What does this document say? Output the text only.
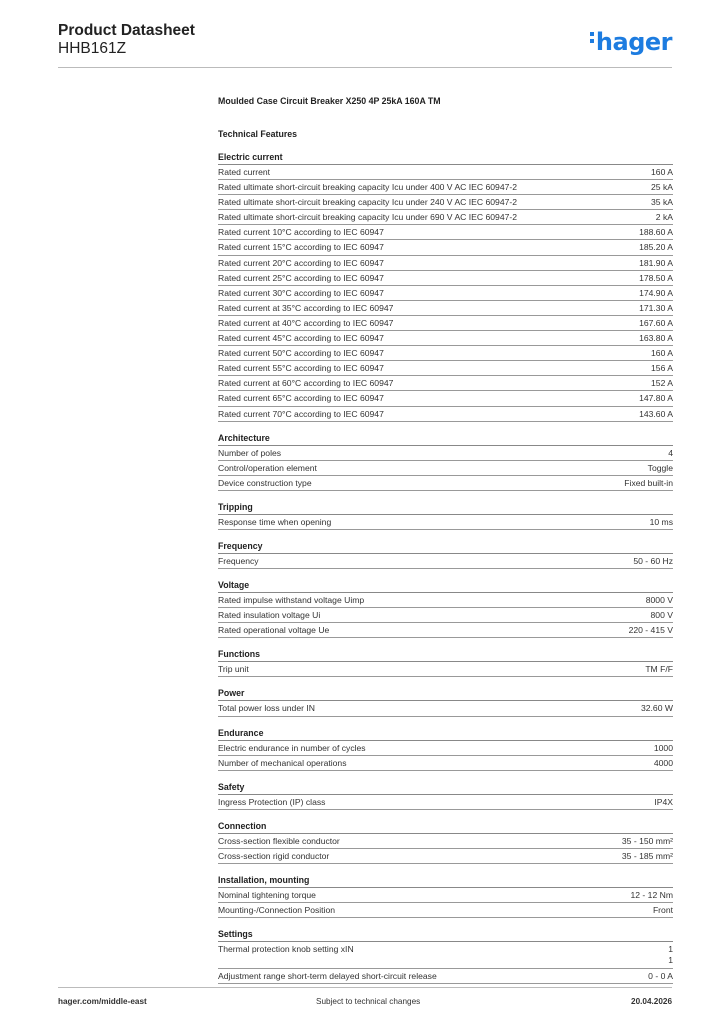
Product Datasheet
HHB161Z	hager
Moulded Case Circuit Breaker X250 4P 25kA 160A TM
Technical Features
Electric current
Rated current	160 A
Rated ultimate short-circuit breaking capacity Icu under 400 V AC IEC 60947-2	25 kA
Rated ultimate short-circuit breaking capacity Icu under 240 V AC IEC 60947-2	35 kA
Rated ultimate short-circuit breaking capacity Icu under 690 V AC IEC 60947-2	2 kA
Rated current 10°C according to IEC 60947	188.60 A
Rated current 15°C according to IEC 60947	185.20 A
Rated current 20°C according to IEC 60947	181.90 A
Rated current 25°C according to IEC 60947	178.50 A
Rated current 30°C according to IEC 60947	174.90 A
Rated current at 35°C according to IEC 60947	171.30 A
Rated current at 40°C according to IEC 60947	167.60 A
Rated current 45°C according to IEC 60947	163.80 A
Rated current 50°C according to IEC 60947	160 A
Rated current 55°C according to IEC 60947	156 A
Rated current at 60°C according to IEC 60947	152 A
Rated current 65°C according to IEC 60947	147.80 A
Rated current 70°C according to IEC 60947	143.60 A
Architecture
Number of poles	4
Control/operation element	Toggle
Device construction type	Fixed built-in
Tripping
Response time when opening	10 ms
Frequency
Frequency	50 - 60 Hz
Voltage
Rated impulse withstand voltage Uimp	8000 V
Rated insulation voltage Ui	800 V
Rated operational voltage Ue	220 - 415 V
Functions
Trip unit	TM F/F
Power
Total power loss under IN	32.60 W
Endurance
Electric endurance in number of cycles	1000
Number of mechanical operations	4000
Safety
Ingress Protection (IP) class	IP4X
Connection
Cross-section flexible conductor	35 - 150 mm²
Cross-section rigid conductor	35 - 185 mm²
Installation, mounting
Nominal tightening torque	12 - 12 Nm
Mounting-/Connection Position	Front
Settings
Thermal protection knob setting xIN	1
1
Adjustment range short-term delayed short-circuit release	0 - 0 A
hager.com/middle-east	Subject to technical changes	20.04.2026
